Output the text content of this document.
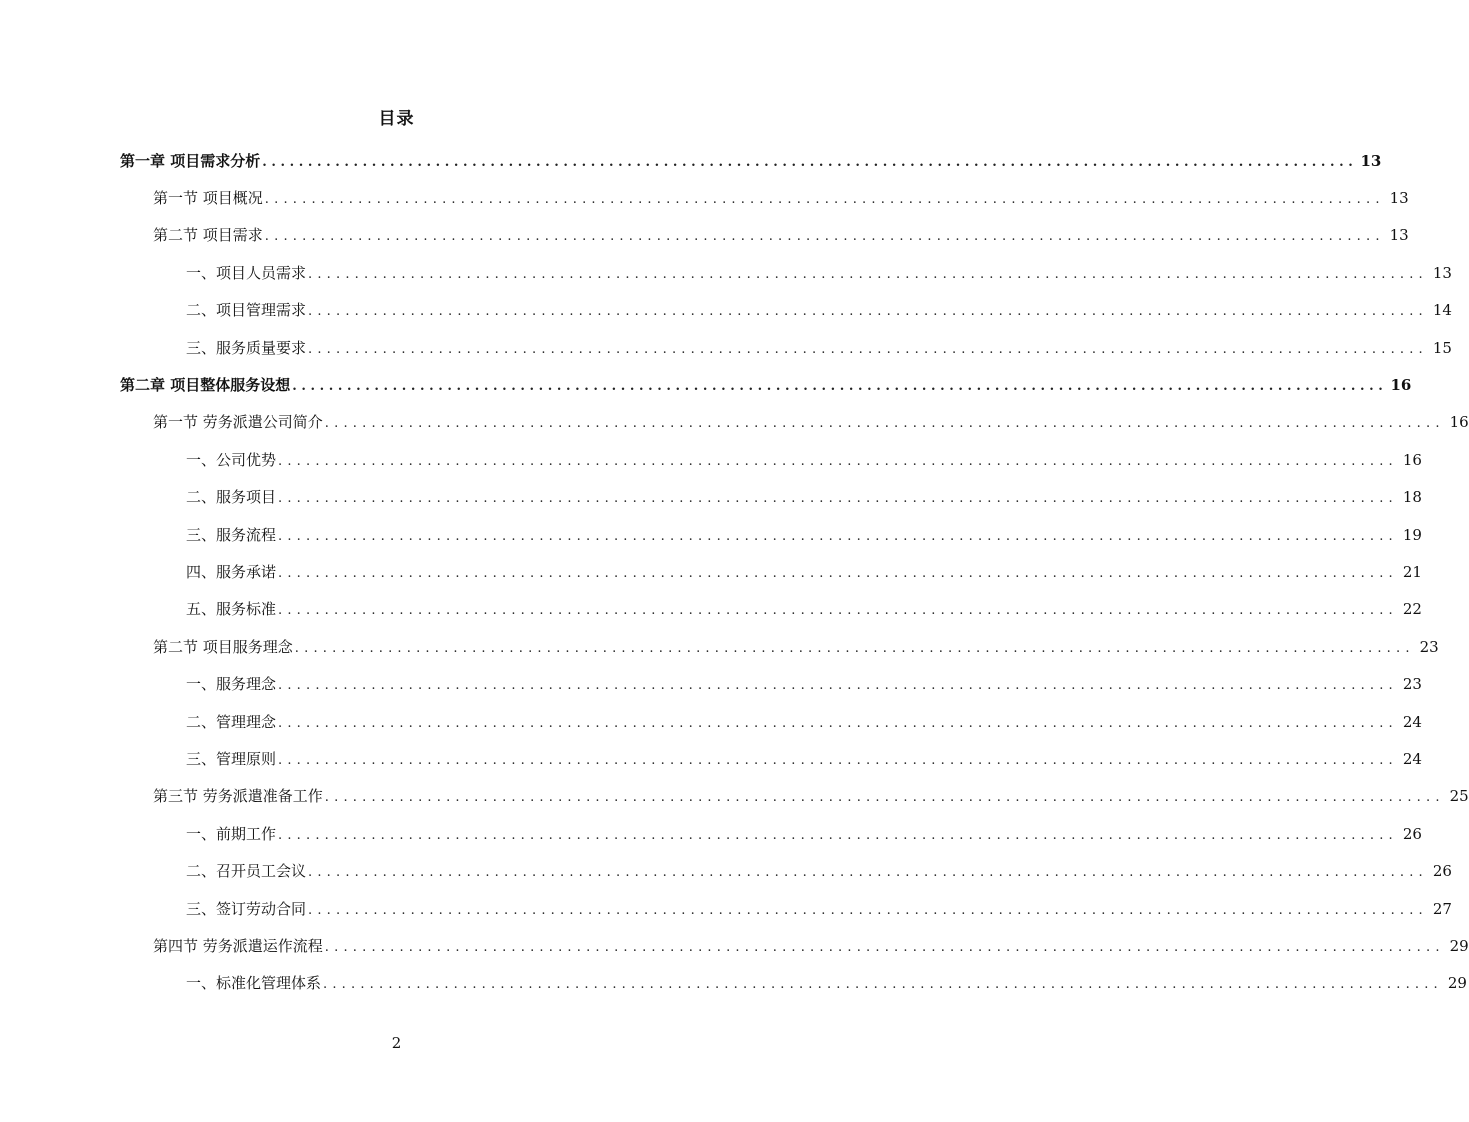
目录
第一章 项目需求分析 ........................................................................................................................ 13
第一节 项目概况 ........................................................................................................................ 13
第二节 项目需求 ........................................................................................................................ 13
一、项目人员需求 ........................................................................................................................ 13
二、项目管理需求 ........................................................................................................................ 14
三、服务质量要求 ........................................................................................................................ 15
第二章 项目整体服务设想 ........................................................................................................................ 16
第一节 劳务派遣公司简介 ........................................................................................................................ 16
一、公司优势 ........................................................................................................................ 16
二、服务项目 ........................................................................................................................ 18
三、服务流程 ........................................................................................................................ 19
四、服务承诺 ........................................................................................................................ 21
五、服务标准 ........................................................................................................................ 22
第二节 项目服务理念 ........................................................................................................................ 23
一、服务理念 ........................................................................................................................ 23
二、管理理念 ........................................................................................................................ 24
三、管理原则 ........................................................................................................................ 24
第三节 劳务派遣准备工作 ........................................................................................................................ 25
一、前期工作 ........................................................................................................................ 26
二、召开员工会议 ........................................................................................................................ 26
三、签订劳动合同 ........................................................................................................................ 27
第四节 劳务派遣运作流程 ........................................................................................................................ 29
一、标准化管理体系 ........................................................................................................................ 29
2
